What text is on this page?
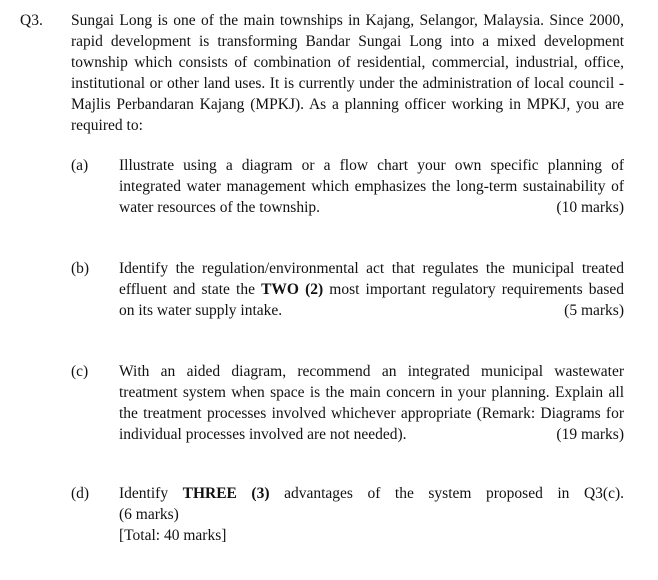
Q3. Sungai Long is one of the main townships in Kajang, Selangor, Malaysia. Since 2000, rapid development is transforming Bandar Sungai Long into a mixed development township which consists of combination of residential, commercial, industrial, office, institutional or other land uses. It is currently under the administration of local council - Majlis Perbandaran Kajang (MPKJ). As a planning officer working in MPKJ, you are required to:
(a) Illustrate using a diagram or a flow chart your own specific planning of integrated water management which emphasizes the long-term sustainability of
water resources of the township.	(10 marks)
(b) Identify the regulation/environmental act that regulates the municipal treated effluent and state the TWO (2) most important regulatory requirements based
on its water supply intake.	(5 marks)
(c) With an aided diagram, recommend an integrated municipal wastewater treatment system when space is the main concern in your planning. Explain all the treatment processes involved whichever appropriate (Remark: Diagrams for
individual processes involved are not needed).	(19 marks)
(d) Identify THREE (3) advantages of the system proposed in Q3(c).
(6 marks)
[Total: 40 marks]
